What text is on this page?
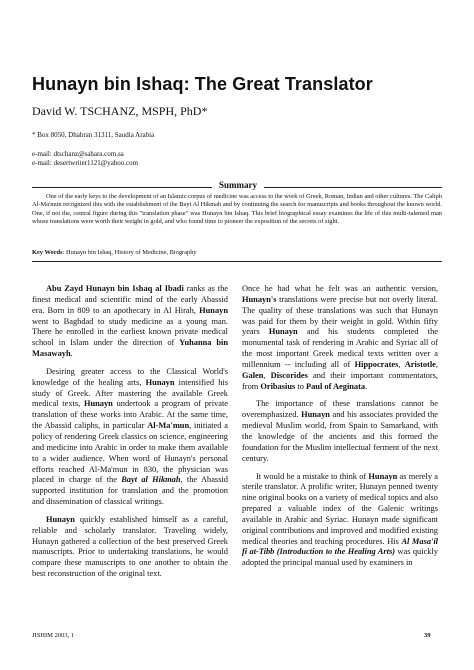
Hunayn bin Ishaq: The Great Translator
David W. TSCHANZ, MSPH, PhD*
* Box 8050, Dhahran 31311, Saudia Arabia
e-mail: dtschanz@sahara.com.sa
e-mail: desertwriter1121@yahoo.com
Summary

One of the early keys to the development of an Islamic corpus of medicine was access to the work of Greek, Roman, Indian and other cultures. The Caliph Al-Ma'mun recognized this with the establishment of the Bayt Al Hikmah and by continuing the search for manuscripts and books throughout the known world. One, if not the, central figure during this "translation phase" was Hunayn bin Ishaq. This brief biographical essay examines the life of this multi-talented man whose translations were worth their weight in gold, and who found time to pioneer the exposition of the secrets of sight.

Key Words: Hunayn bin Ishaq, History of Medicine, Biography

Abu Zayd Hunayn bin Ishaq al Ibadi ranks as the finest medical and scientific mind of the early Abassid era. Born in 809 to an apothecary in Al Hirah, Hunayn went to Baghdad to study medicine as a young man. There he enrolled in the earliest known private medical school in Islam under the direction of Yuhanna bin Masawayh.

Desiring greater access to the Classical World's knowledge of the healing arts, Hunayn intensified his study of Greek. After mastering the available Greek medical texts, Hunayn undertook a program of private translation of these works into Arabic. At the same time, the Abassid caliphs, in particular Al-Ma'mun, initiated a policy of rendering Greek classics on science, engineering and medicine into Arabic in order to make them available to a wider audience. When word of Hunayn's personal efforts reached Al-Ma'mun in 830, the physician was placed in charge of the Bayt al Hikmah, the Abassid supported institution for translation and the promotion and dissemination of classical writings.

Hunayn quickly established himself as a careful, reliable and scholarly translator. Traveling widely, Hunayn gathered a collection of the best preserved Greek manuscripts. Prior to undertaking translations, he would compare these manuscripts to one another to obtain the best reconstruction of the original text.

Once he had what he felt was an authentic version, Hunayn's translations were precise but not overly literal. The quality of these translations was such that Hunayn was paid for them by their weight in gold. Within fifty years Hunayn and his students completed the monumental task of rendering in Arabic and Syriac all of the most important Greek medical texts written over a millennium -- including all of Hippocrates, Aristotle, Galen, Discorides and their important commentators, from Oribasius to Paul of Aeginata.

The importance of these translations cannot be overemphasized. Hunayn and his associates provided the medieval Muslim world, from Spain to Samarkand, with the knowledge of the ancients and this formed the foundation for the Muslim intellectual ferment of the next century.

It would be a mistake to think of Hunayn as merely a sterile translator. A prolific writer, Hunayn penned twenty nine original books on a variety of medical topics and also prepared a valuable index of the Galenic writings available in Arabic and Syriac. Hunayn made significant original contributions and improved and modified existing medical theories and teaching procedures. His Al Masa'il fi at-Tibb (Introduction to the Healing Arts) was quickly adopted the principal manual used by examiners in

JISHIM 2003, 1	39
